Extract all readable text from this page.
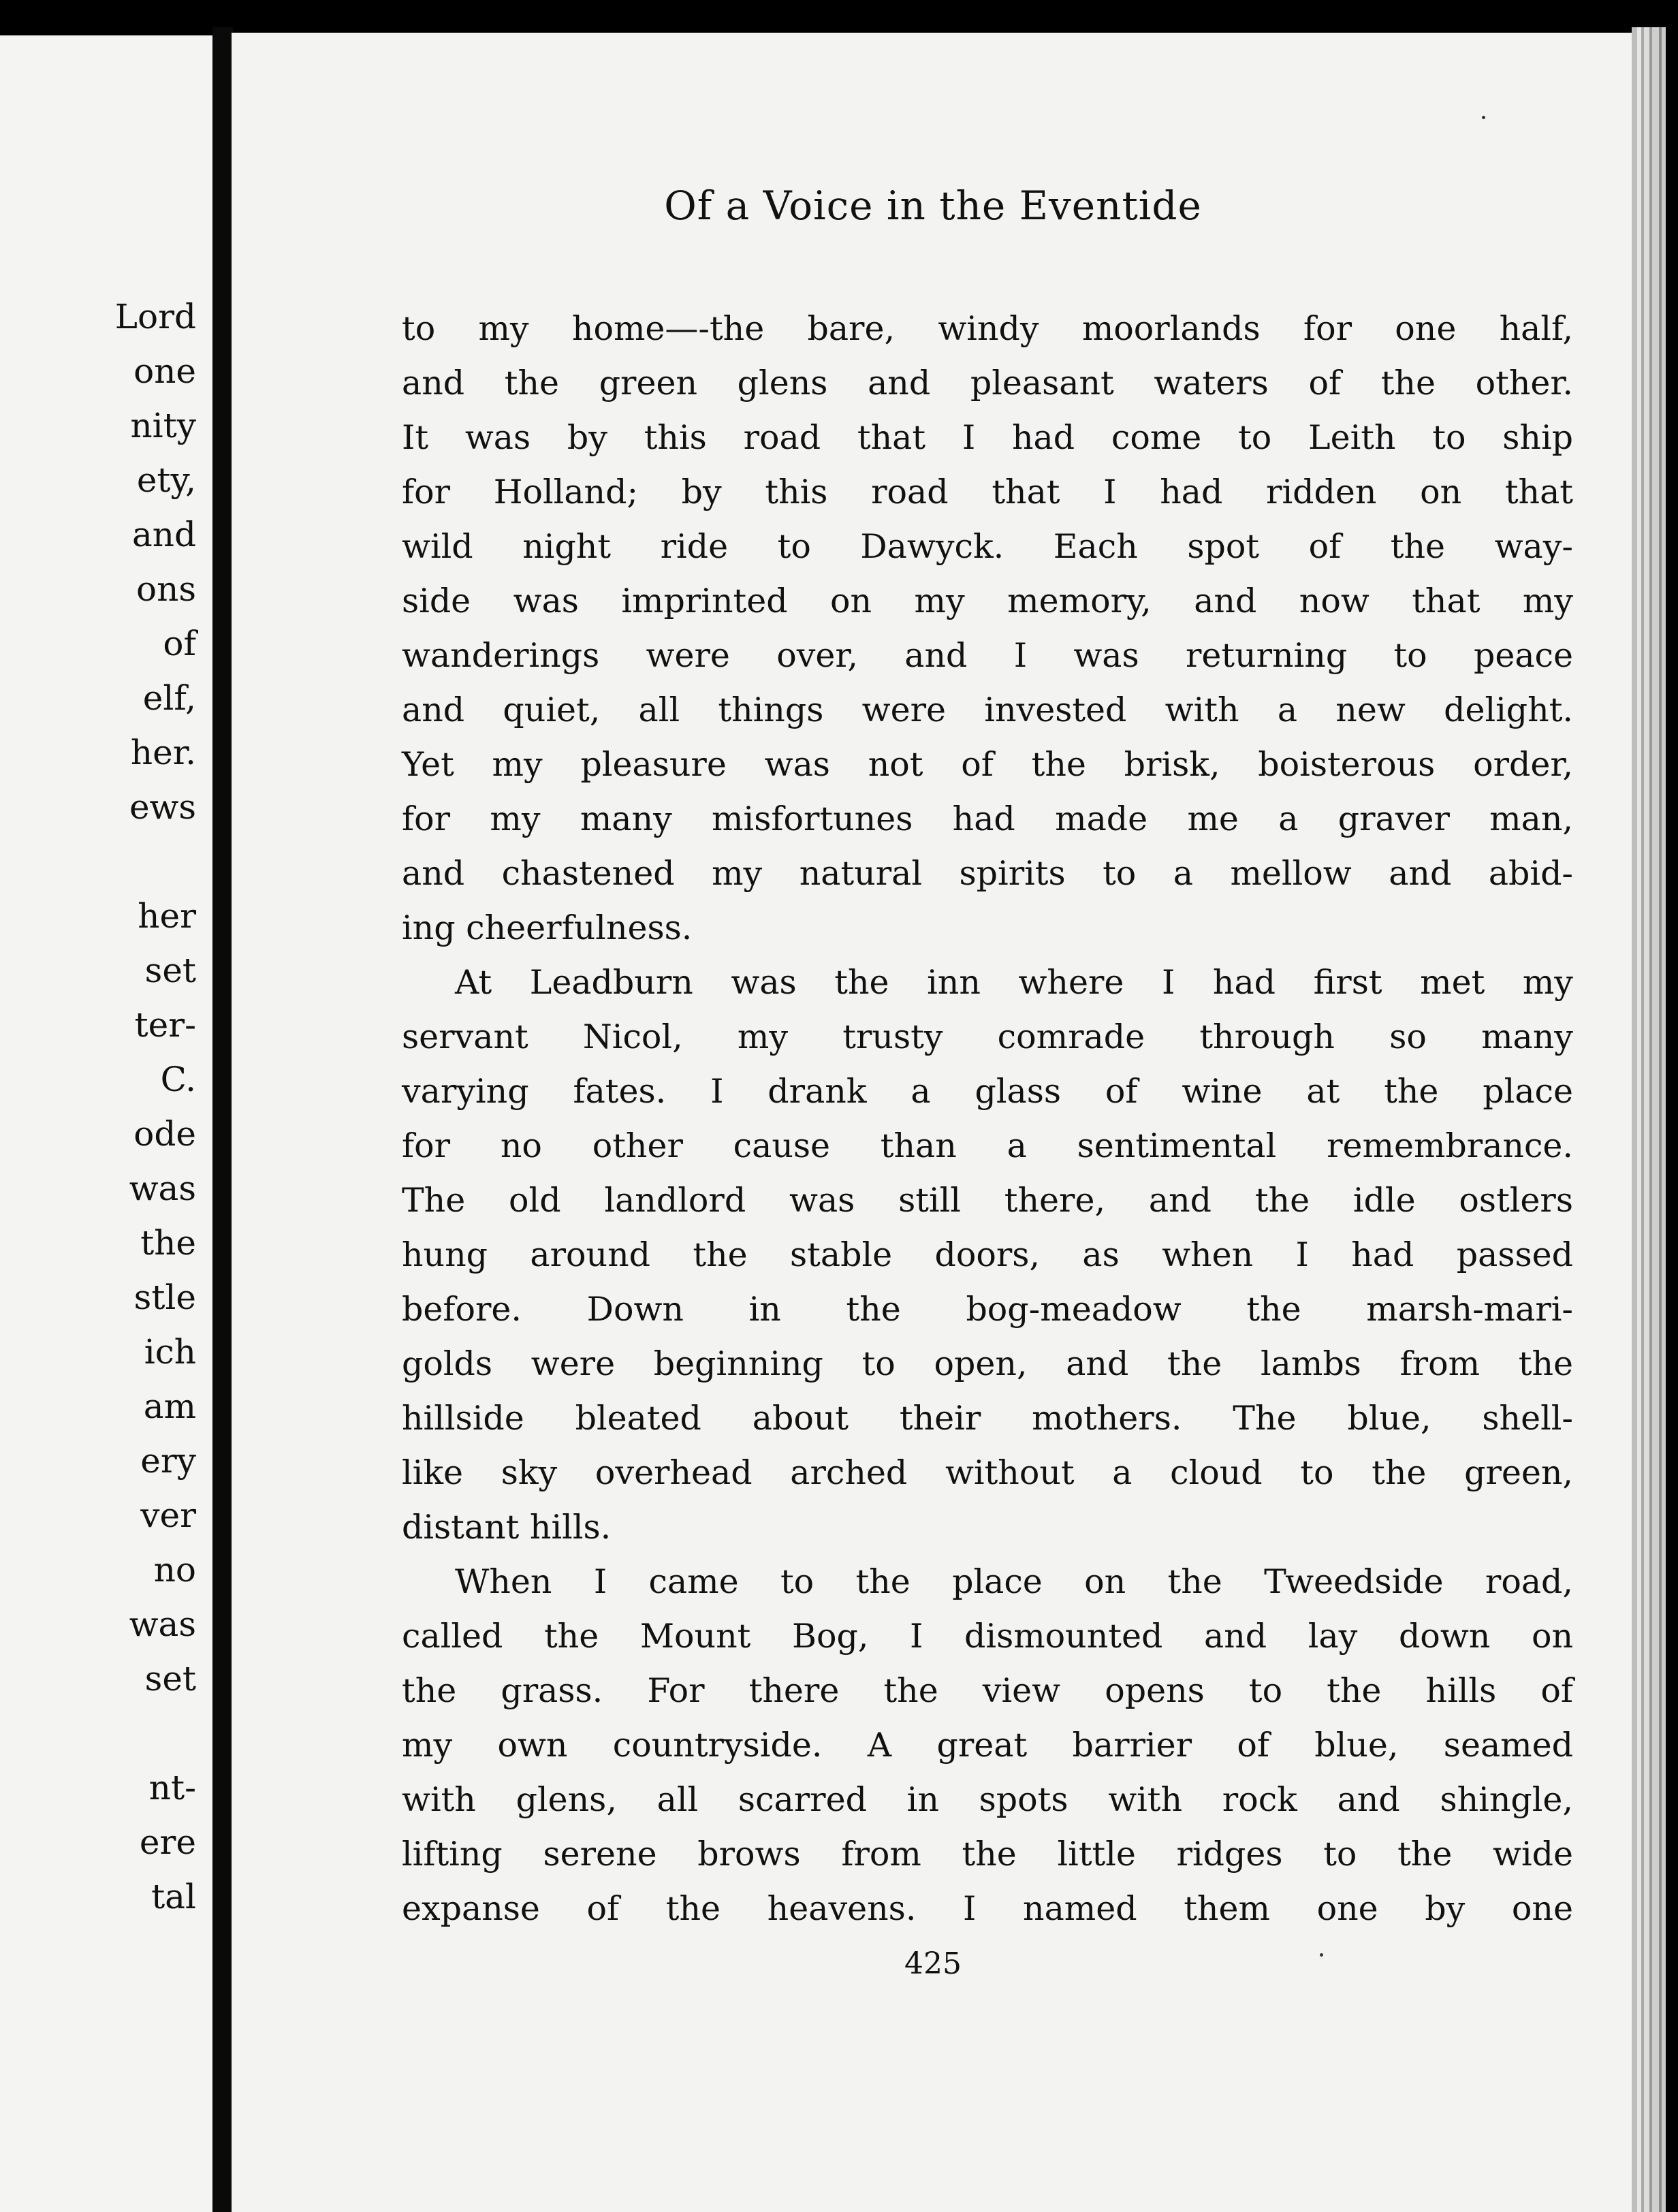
Lord
one
nity
ety,
and
ons
of
elf,
her.
ews
her
set
ter-
C.
ode
was
the
stle
ich
am
ery
ver
no
was
set
nt-
ere
tal
Of a Voice in the Eventide
to my home—-the bare, windy moorlands for one half,
and the green glens and pleasant waters of the other.
It was by this road that I had come to Leith to ship
for Holland; by this road that I had ridden on that
wild night ride to Dawyck. Each spot of the way-
side was imprinted on my memory, and now that my
wanderings were over, and I was returning to peace
and quiet, all things were invested with a new delight.
Yet my pleasure was not of the brisk, boisterous order,
for my many misfortunes had made me a graver man,
and chastened my natural spirits to a mellow and abid-
ing cheerfulness.
At Leadburn was the inn where I had first met my
servant Nicol, my trusty comrade through so many
varying fates. I drank a glass of wine at the place
for no other cause than a sentimental remembrance.
The old landlord was still there, and the idle ostlers
hung around the stable doors, as when I had passed
before. Down in the bog-meadow the marsh-mari-
golds were beginning to open, and the lambs from the
hillside bleated about their mothers. The blue, shell-
like sky overhead arched without a cloud to the green,
distant hills.
When I came to the place on the Tweedside road,
called the Mount Bog, I dismounted and lay down on
the grass. For there the view opens to the hills of
my own countryside. A great barrier of blue, seamed
with glens, all scarred in spots with rock and shingle,
lifting serene brows from the little ridges to the wide
expanse of the heavens. I named them one by one
425
